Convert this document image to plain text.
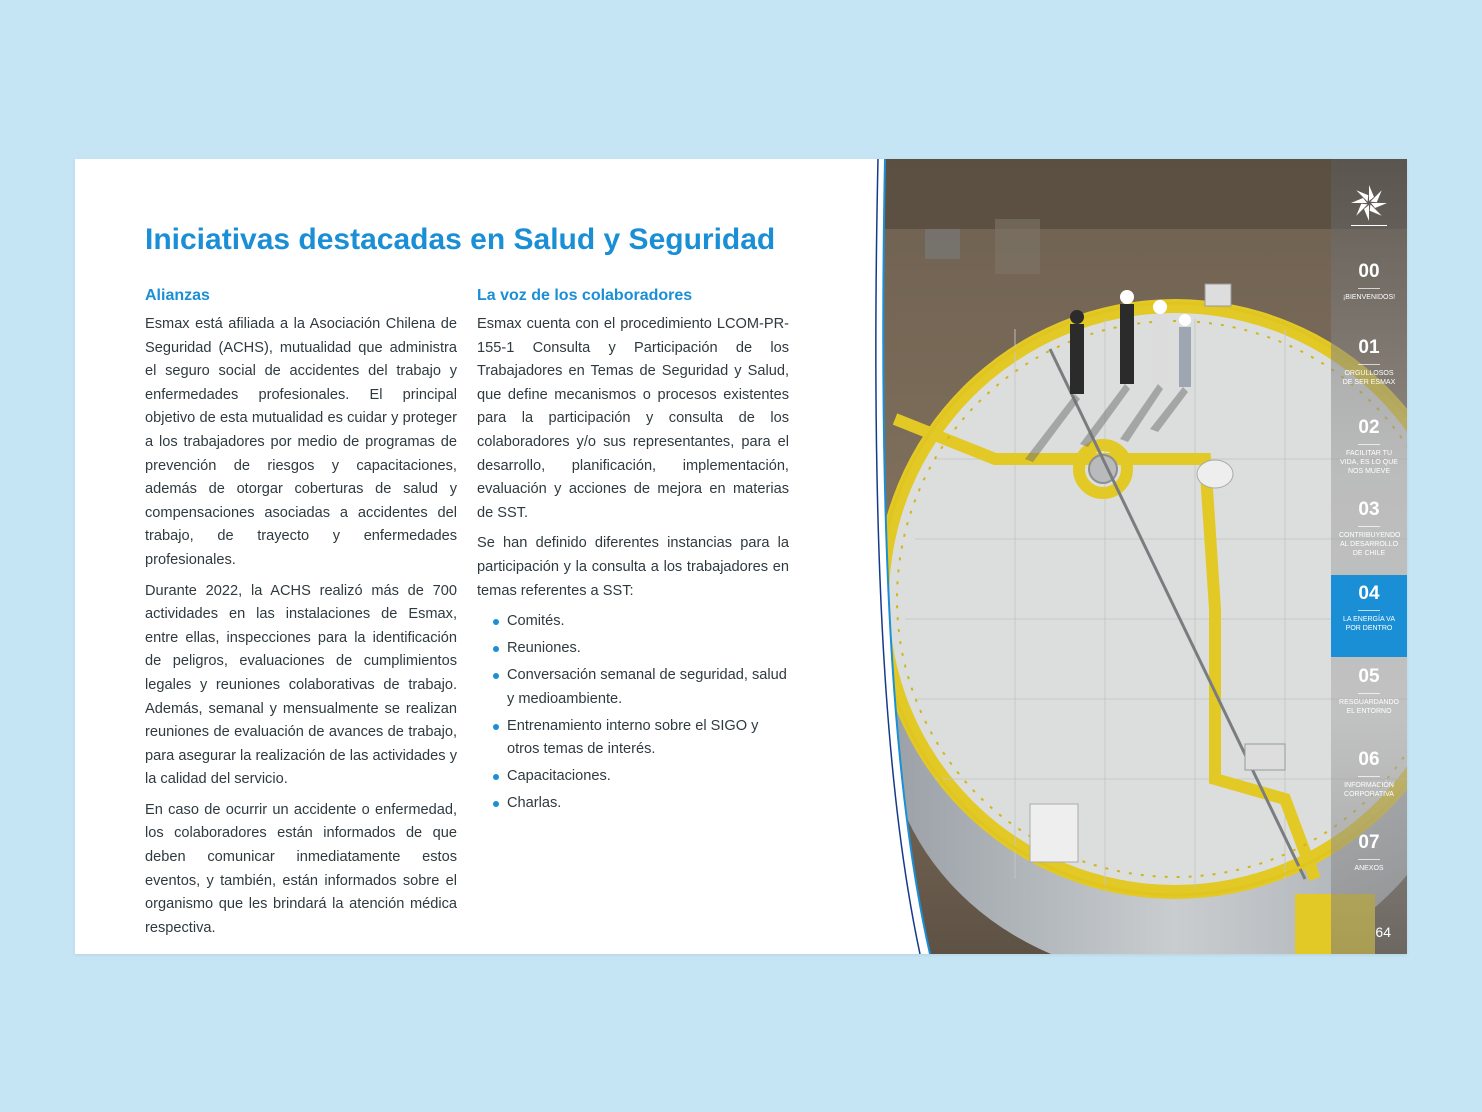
Iniciativas destacadas en Salud y Seguridad
Alianzas

Esmax está afiliada a la Asociación Chilena de Seguridad (ACHS), mutualidad que administra el seguro social de accidentes del trabajo y enfermedades profesionales. El principal objetivo de esta mutualidad es cuidar y proteger a los trabajadores por medio de programas de prevención de riesgos y capacitaciones, además de otorgar coberturas de salud y compensaciones asociadas a accidentes del trabajo, de trayecto y enfermedades profesionales.

Durante 2022, la ACHS realizó más de 700 actividades en las instalaciones de Esmax, entre ellas, inspecciones para la identificación de peligros, evaluaciones de cumplimientos legales y reuniones colaborativas de trabajo. Además, semanal y mensualmente se realizan reuniones de evaluación de avances de trabajo, para asegurar la realización de las actividades y la calidad del servicio.

En caso de ocurrir un accidente o enfermedad, los colaboradores están informados de que deben comunicar inmediatamente estos eventos, y también, están informados sobre el organismo que les brindará la atención médica respectiva.

La voz de los colaboradores

Esmax cuenta con el procedimiento LCOM-PR-155-1 Consulta y Participación de los Trabajadores en Temas de Seguridad y Salud, que define mecanismos o procesos existentes para la participación y consulta de los colaboradores y/o sus representantes, para el desarrollo, planificación, implementación, evaluación y acciones de mejora en materias de SST.

Se han definido diferentes instancias para la participación y la consulta a los trabajadores en temas referentes a SST:

Comités.
Reuniones.
Conversación semanal de seguridad, salud y medioambiente.
Entrenamiento interno sobre el SIGO y otros temas de interés.
Capacitaciones.
Charlas.
00
¡BIENVENIDOS!
01
ORGULLOSOS DE SER ESMAX
02
FACILITAR TU VIDA, ES LO QUE NOS MUEVE
03
CONTRIBUYENDO AL DESARROLLO DE CHILE
04
LA ENERGÍA VA POR DENTRO
05
RESGUARDANDO EL ENTORNO
06
INFORMACIÓN CORPORATIVA
07
ANEXOS
64
